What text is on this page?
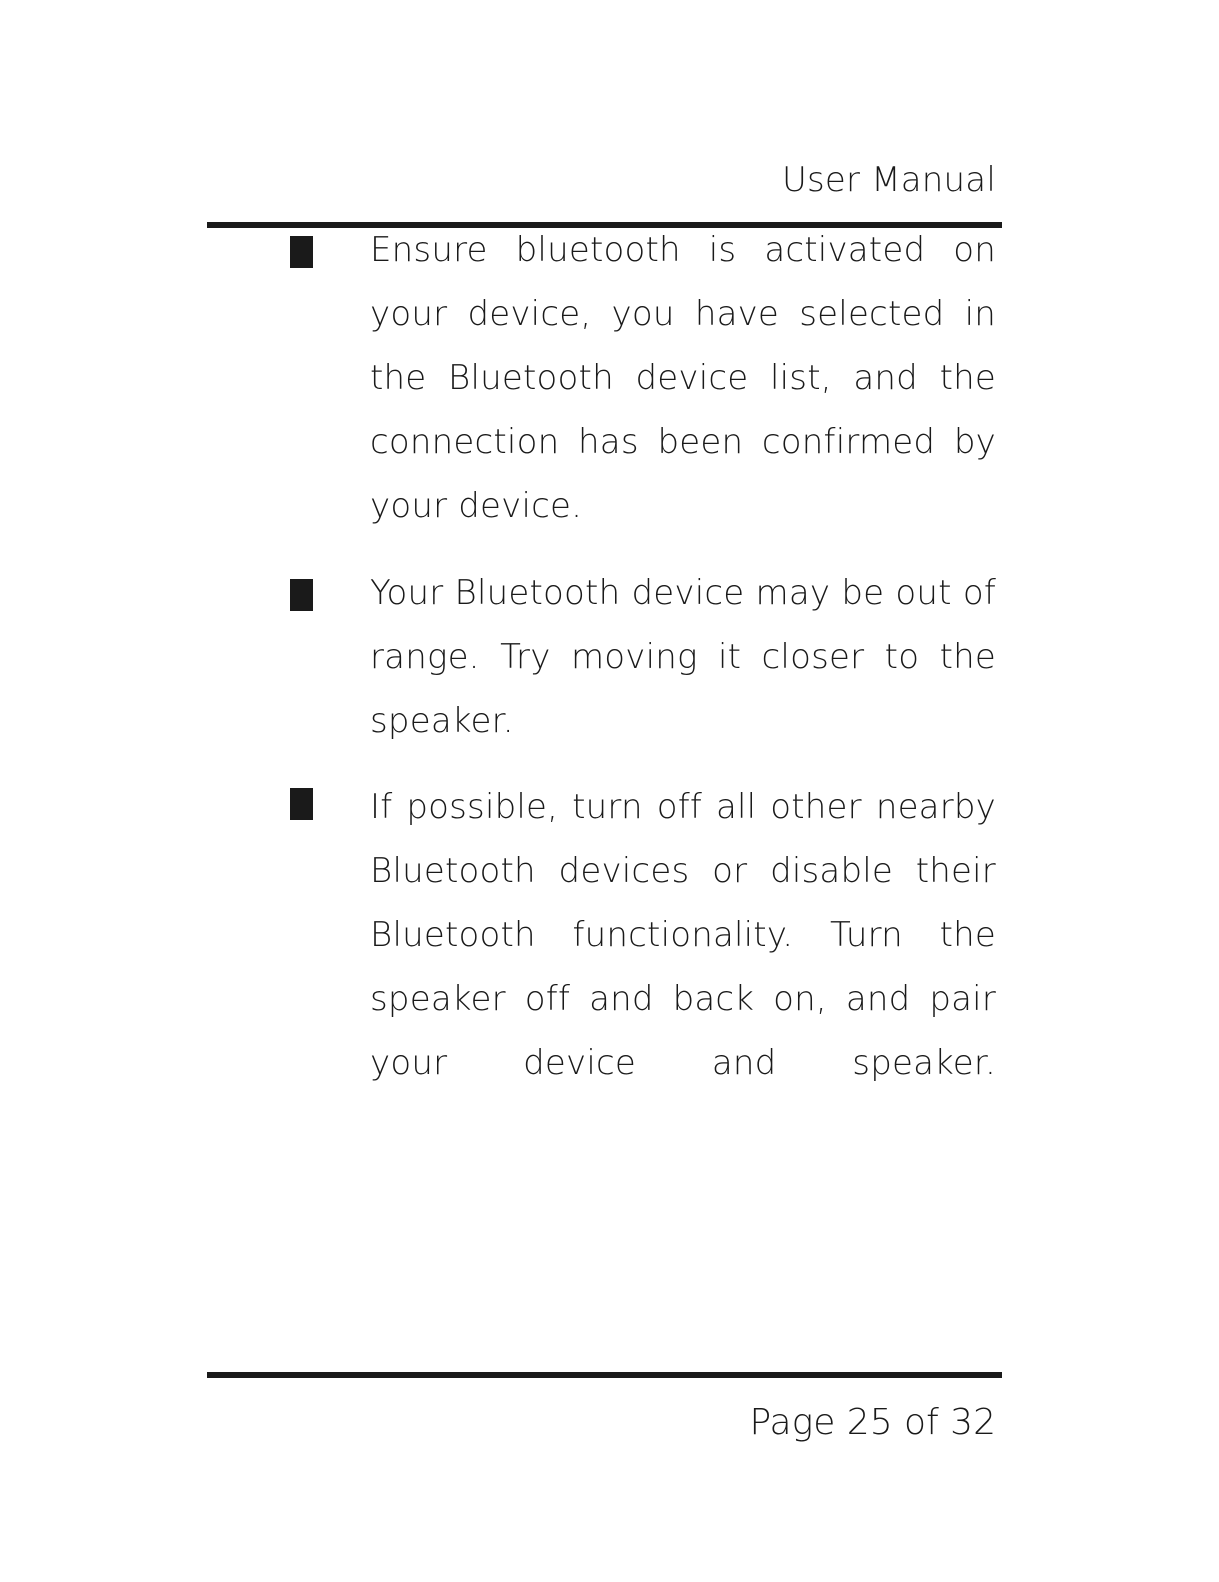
User Manual
Ensure bluetooth is activated on your device, you have selected in the Bluetooth device list, and the connection has been confirmed by your device.
Your Bluetooth device may be out of range. Try moving it closer to the speaker.
If possible, turn off all other nearby Bluetooth devices or disable their Bluetooth functionality. Turn the speaker off and back on, and pair your device and speaker.
Page 25 of 32
